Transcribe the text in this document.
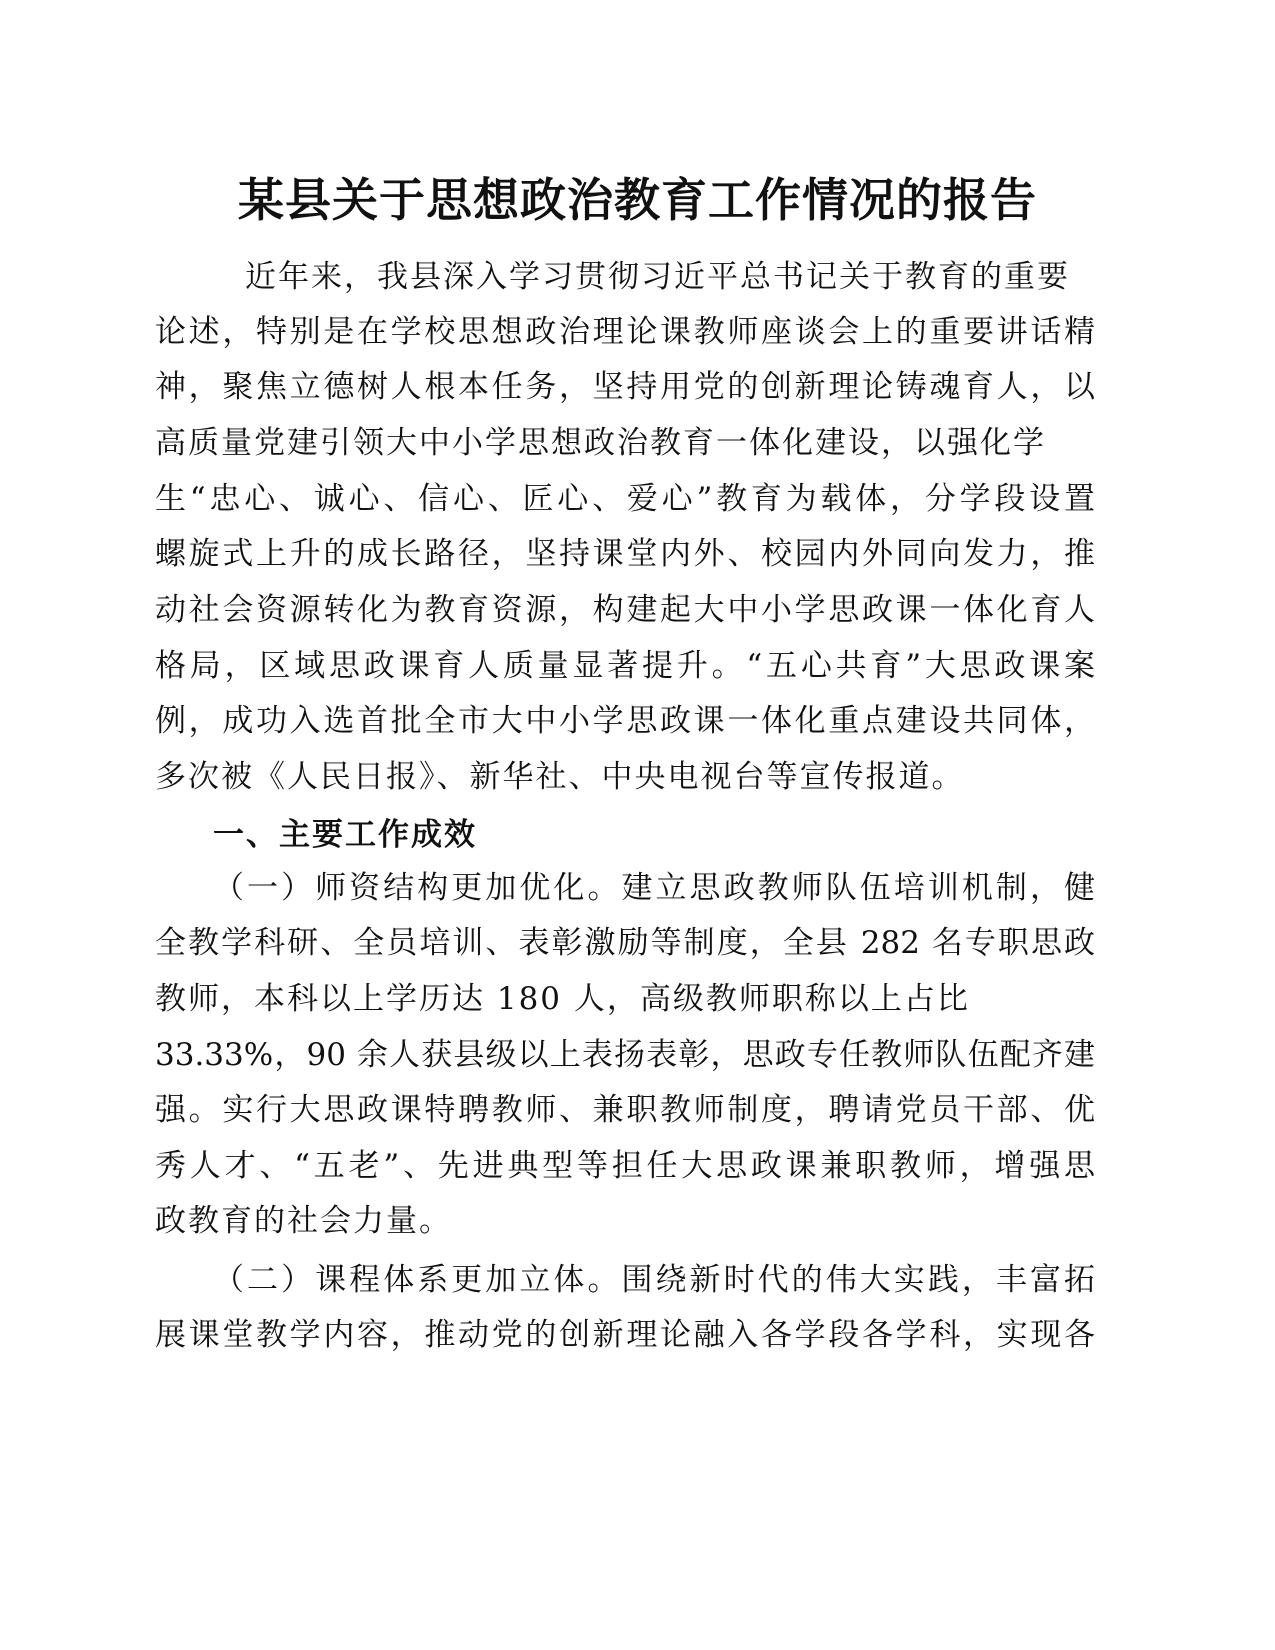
某县关于思想政治教育工作情况的报告
近年来，我县深入学习贯彻习近平总书记关于教育的重要
论述，特别是在学校思想政治理论课教师座谈会上的重要讲话精
神，聚焦立德树人根本任务，坚持用党的创新理论铸魂育人，以
高质量党建引领大中小学思想政治教育一体化建设，以强化学
生“忠心、诚心、信心、匠心、爱心”教育为载体，分学段设置
螺旋式上升的成长路径，坚持课堂内外、校园内外同向发力，推
动社会资源转化为教育资源，构建起大中小学思政课一体化育人
格局，区域思政课育人质量显著提升。“五心共育”大思政课案
例，成功入选首批全市大中小学思政课一体化重点建设共同体，
多次被《人民日报》、新华社、中央电视台等宣传报道。
一、主要工作成效
（一）师资结构更加优化。建立思政教师队伍培训机制，健
全教学科研、全员培训、表彰激励等制度，全县 282 名专职思政
教师，本科以上学历达 180 人，高级教师职称以上占比
33.33%，90 余人获县级以上表扬表彰，思政专任教师队伍配齐建
强。实行大思政课特聘教师、兼职教师制度，聘请党员干部、优
秀人才、“五老”、先进典型等担任大思政课兼职教师，增强思
政教育的社会力量。
（二）课程体系更加立体。围绕新时代的伟大实践，丰富拓
展课堂教学内容，推动党的创新理论融入各学段各学科，实现各
